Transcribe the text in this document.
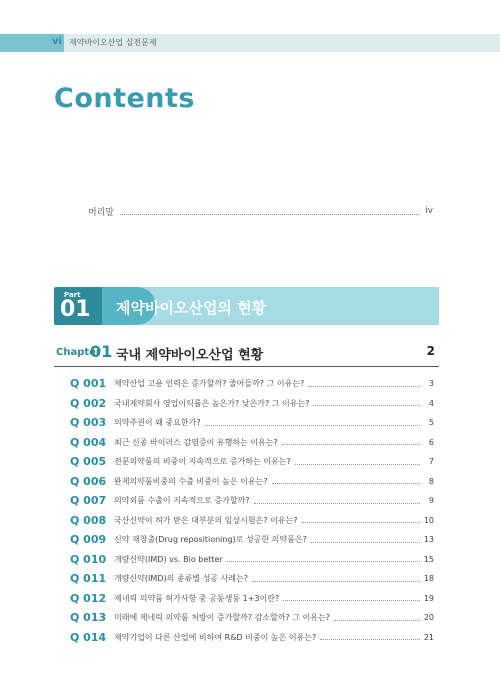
vi 제약바이오산업 실전문제
Contents
머리말	iv
Part
01 제약바이오산업의 현황
Chapter
01 국내 제약바이오산업 현황	2
Q 001 제약산업 고용 인력은 증가할까? 줄어들까? 그 이유는?	3
Q 002 국내제약회사 영업이익률은 높은가? 낮은가? 그 이유는?	4
Q 003 의약주권이 왜 중요한가?	5
Q 004 최근 신종 바이러스 감염증이 유행하는 이유는?	6
Q 005 전문의약품의 비중이 지속적으로 증가하는 이유는?	7
Q 006 완제의약품비중의 수출 비중이 높은 이유는?	8
Q 007 의약외품 수출이 지속적으로 증가할까?	9
Q 008 국산신약이 허가 받은 대부분의 임상시험은? 이유는?	10
Q 009 신약 재창출(Drug repositioning)로 성공한 의약품은?	13
Q 010 개량신약(IMD) vs. Bio better	15
Q 011 개량신약(IMD)의 종류별 성공 사례는?	18
Q 012 제네릭 의약품 허가사항 중 공동생동 1+3이란?	19
Q 013 미래에 제네릭 의약품 처방이 증가할까? 감소할까? 그 이유는?	20
Q 014 제약기업이 다른 산업에 비하여 R&D 비중이 높은 이유는?	21
